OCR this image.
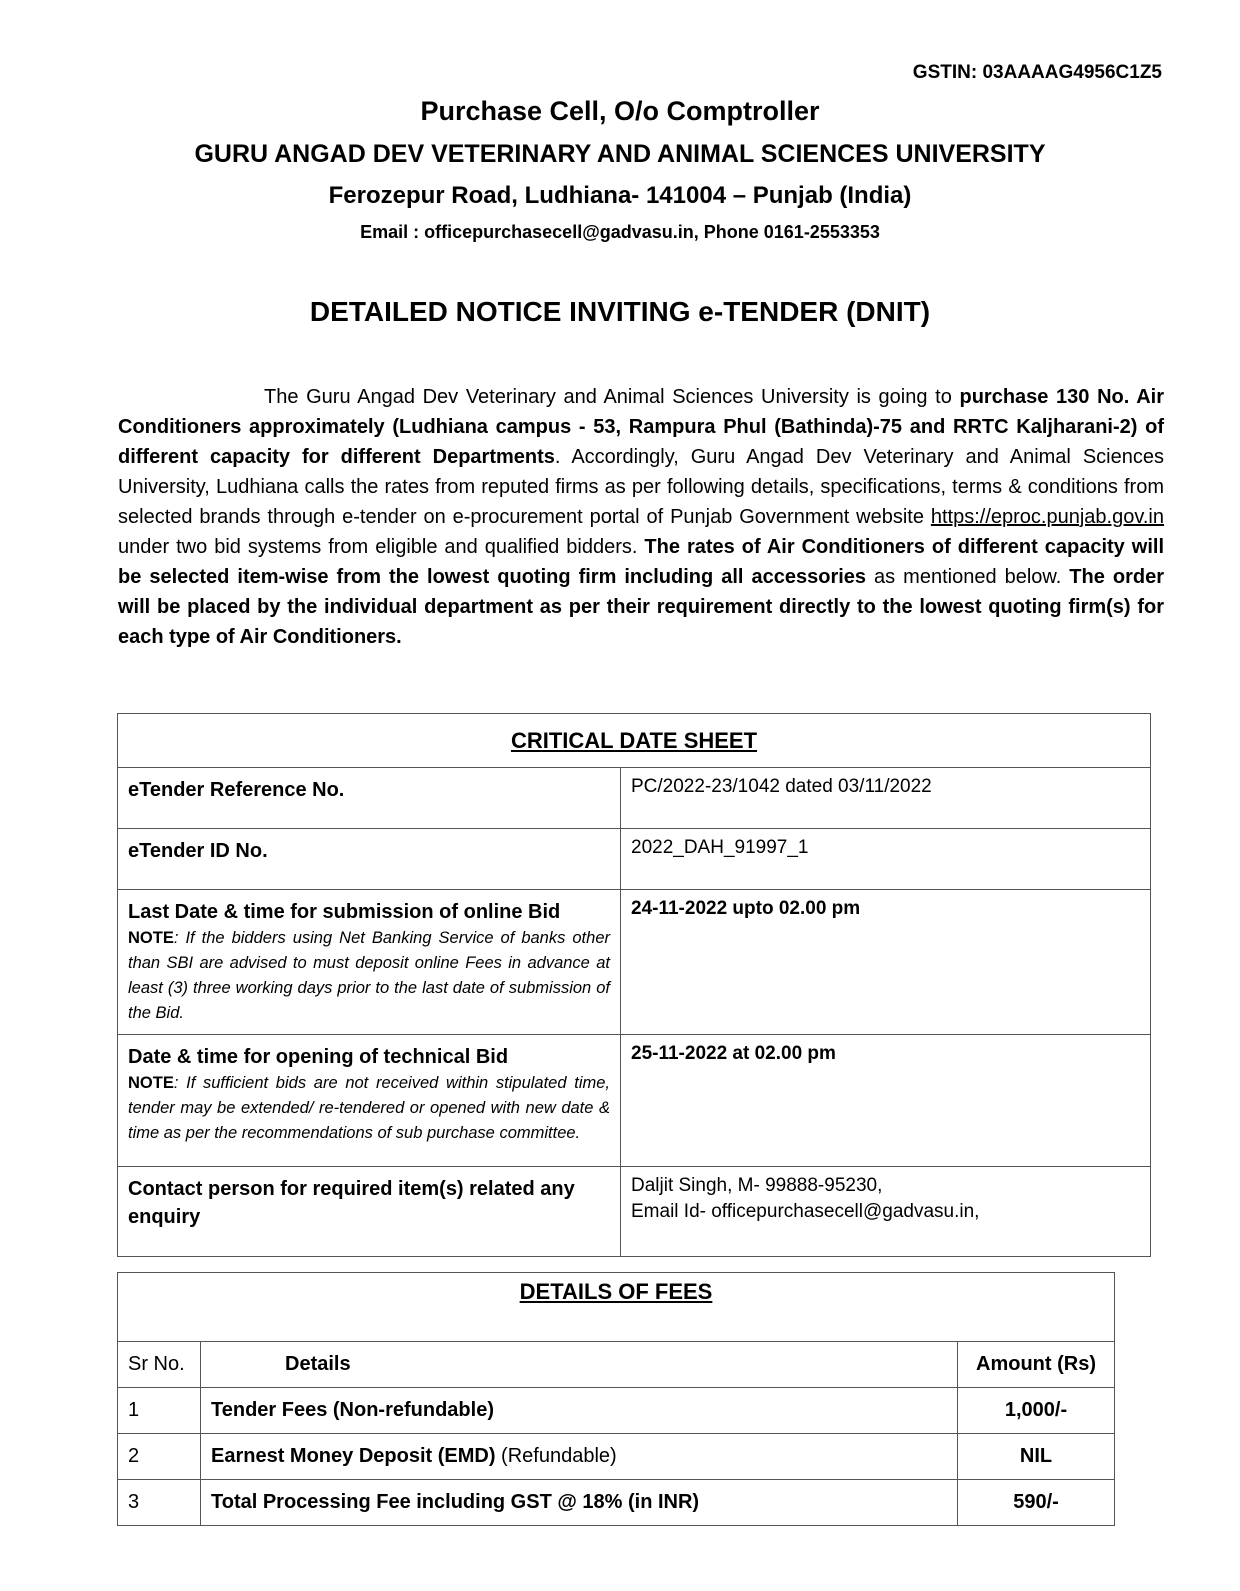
GSTIN: 03AAAAG4956C1Z5
Purchase Cell, O/o Comptroller
GURU ANGAD DEV VETERINARY AND ANIMAL SCIENCES UNIVERSITY
Ferozepur Road, Ludhiana- 141004 – Punjab (India)
Email : officepurchasecell@gadvasu.in, Phone 0161-2553353
DETAILED NOTICE INVITING e-TENDER (DNIT)
The Guru Angad Dev Veterinary and Animal Sciences University is going to purchase 130 No. Air Conditioners approximately (Ludhiana campus - 53, Rampura Phul (Bathinda)-75 and RRTC Kaljharani-2) of different capacity for different Departments. Accordingly, Guru Angad Dev Veterinary and Animal Sciences University, Ludhiana calls the rates from reputed firms as per following details, specifications, terms & conditions from selected brands through e-tender on e-procurement portal of Punjab Government website https://eproc.punjab.gov.in under two bid systems from eligible and qualified bidders. The rates of Air Conditioners of different capacity will be selected item-wise from the lowest quoting firm including all accessories as mentioned below. The order will be placed by the individual department as per their requirement directly to the lowest quoting firm(s) for each type of Air Conditioners.
CRITICAL DATE SHEET	
eTender Reference No.	PC/2022-23/1042 dated 03/11/2022
eTender ID No.	2022_DAH_91997_1
Last Date & time for submission of online Bid
NOTE: If the bidders using Net Banking Service of banks other than SBI are advised to must deposit online Fees in advance at least (3) three working days prior to the last date of submission of the Bid.	24-11-2022 upto 02.00 pm
Date & time for opening of technical Bid
NOTE: If sufficient bids are not received within stipulated time, tender may be extended/ re-tendered or opened with new date & time as per the recommendations of sub purchase committee.	25-11-2022 at 02.00 pm
Contact person for required item(s) related any enquiry	Daljit Singh, M- 99888-95230,
Email Id- officepurchasecell@gadvasu.in,
DETAILS OF FEES		
Sr No.	Details	Amount (Rs)
1	Tender Fees (Non-refundable)	1,000/-
2	Earnest Money Deposit (EMD) (Refundable)	NIL
3	Total Processing Fee including GST @ 18% (in INR)	590/-
